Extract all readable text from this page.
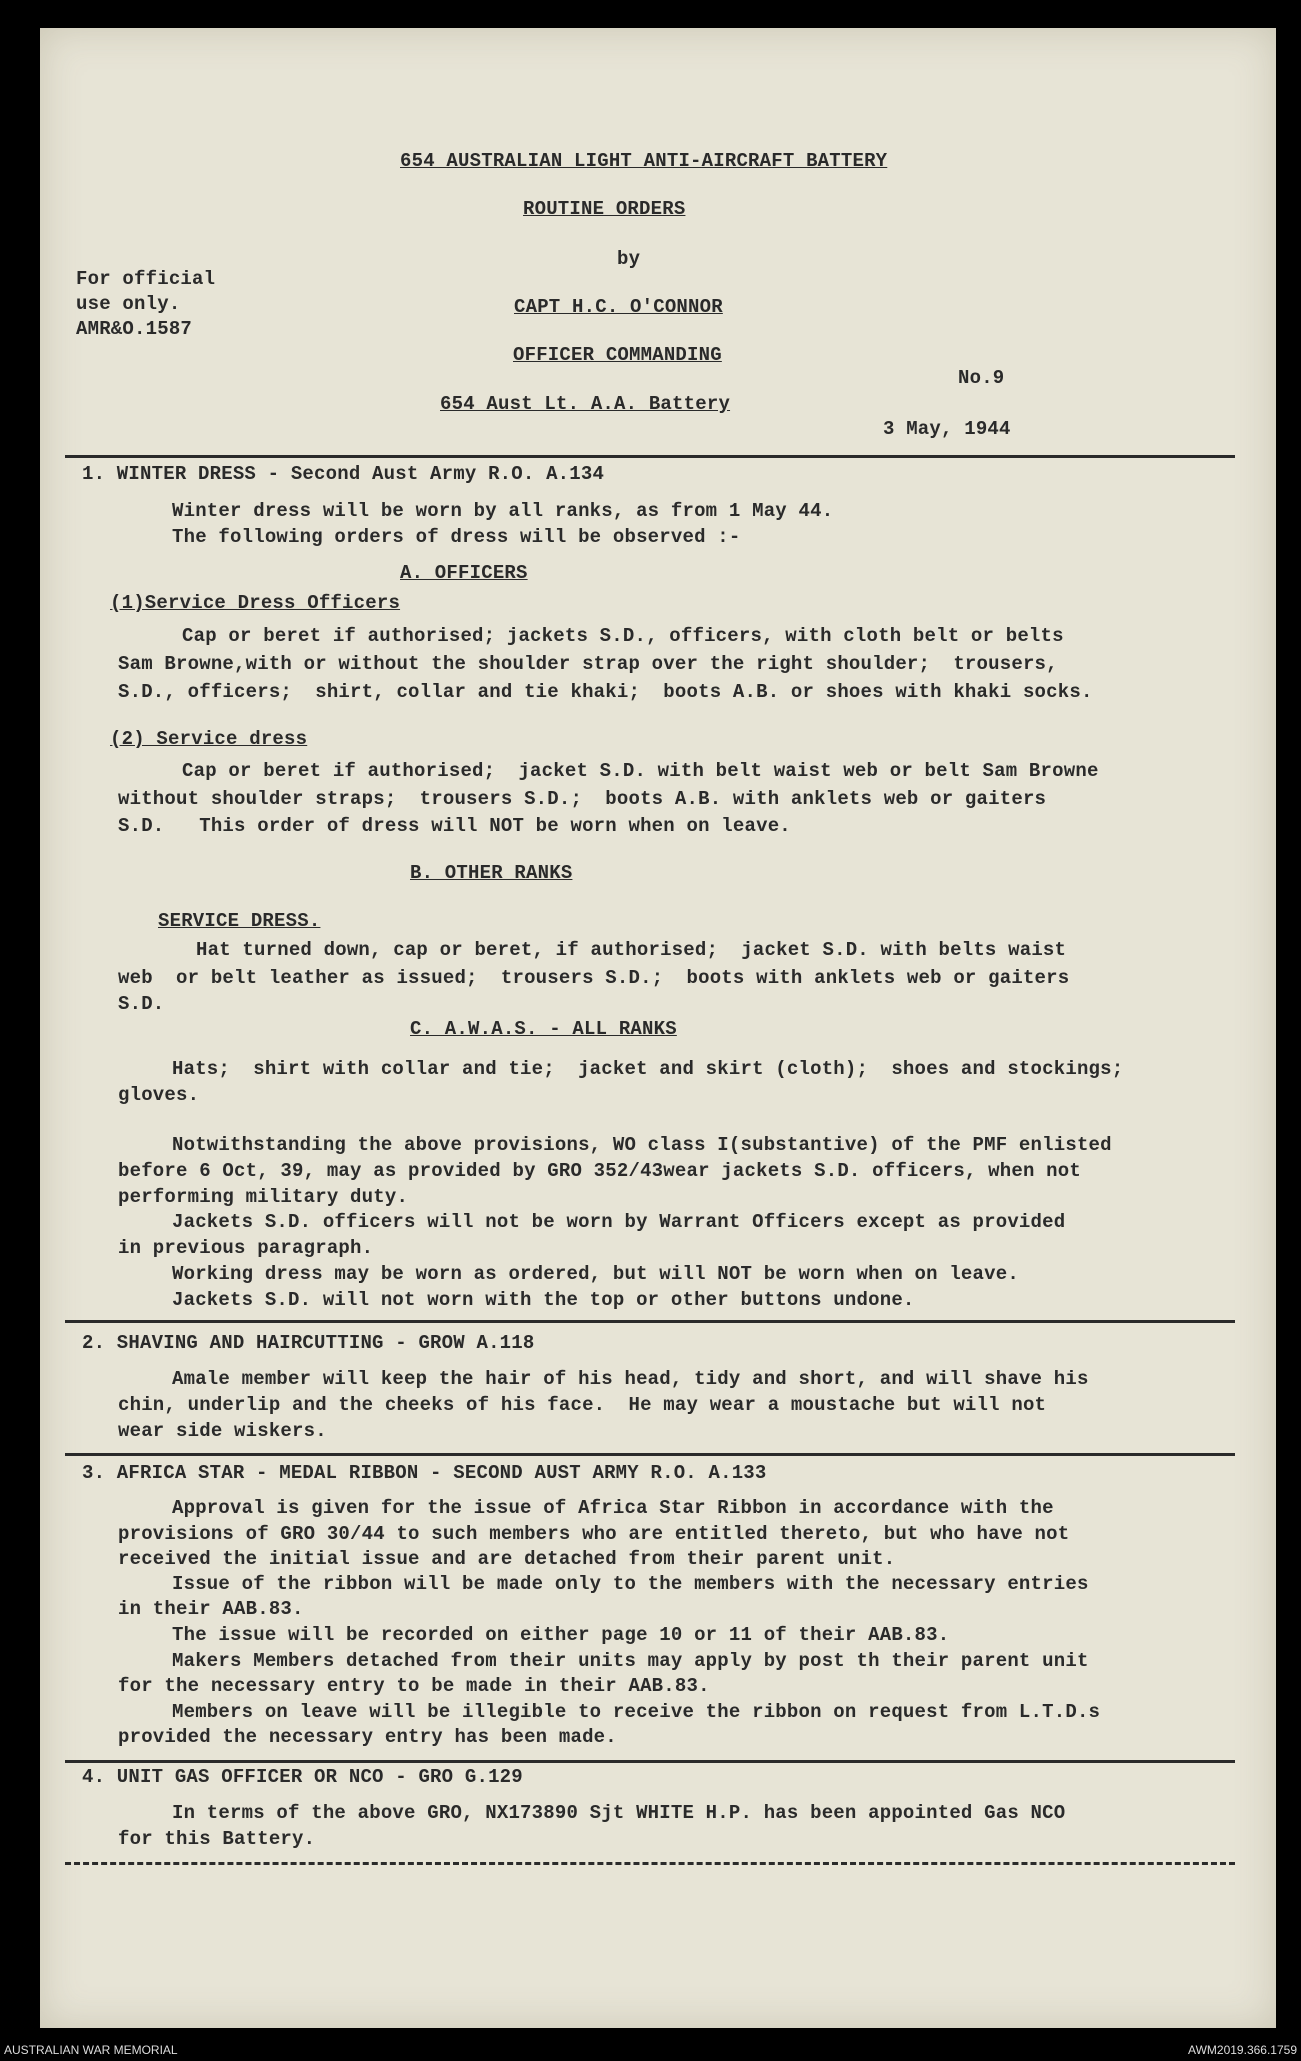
654 AUSTRALIAN LIGHT ANTI-AIRCRAFT BATTERY
ROUTINE ORDERS
by
CAPT H.C. O'CONNOR
OFFICER COMMANDING
654 Aust Lt. A.A. Battery
No.9
3 May, 1944
For official
use only.
AMR&O.1587
1. WINTER DRESS - Second Aust Army R.O. A.134
Winter dress will be worn by all ranks, as from 1 May 44.
The following orders of dress will be observed :-
A. OFFICERS
(1)Service Dress Officers
Cap or beret if authorised; jackets S.D., officers, with cloth belt or belts
Sam Browne,with or without the shoulder strap over the right shoulder;  trousers,
S.D., officers;  shirt, collar and tie khaki;  boots A.B. or shoes with khaki socks.
(2) Service dress
Cap or beret if authorised;  jacket S.D. with belt waist web or belt Sam Browne
without shoulder straps;  trousers S.D.;  boots A.B. with anklets web or gaiters
S.D.   This order of dress will NOT be worn when on leave.
B. OTHER RANKS
SERVICE DRESS.
Hat turned down, cap or beret, if authorised;  jacket S.D. with belts waist
web  or belt leather as issued;  trousers S.D.;  boots with anklets web or gaiters
S.D.
C. A.W.A.S. - ALL RANKS
Hats;  shirt with collar and tie;  jacket and skirt (cloth);  shoes and stockings;
gloves.
Notwithstanding the above provisions, WO class I(substantive) of the PMF enlisted
before 6 Oct, 39, may as provided by GRO 352/43wear jackets S.D. officers, when not
performing military duty.
Jackets S.D. officers will not be worn by Warrant Officers except as provided
in previous paragraph.
Working dress may be worn as ordered, but will NOT be worn when on leave.
Jackets S.D. will not worn with the top or other buttons undone.
2. SHAVING AND HAIRCUTTING - GROW A.118
Amale member will keep the hair of his head, tidy and short, and will shave his
chin, underlip and the cheeks of his face.  He may wear a moustache but will not
wear side wiskers.
3. AFRICA STAR - MEDAL RIBBON - SECOND AUST ARMY R.O. A.133
Approval is given for the issue of Africa Star Ribbon in accordance with the
provisions of GRO 30/44 to such members who are entitled thereto, but who have not
received the initial issue and are detached from their parent unit.
Issue of the ribbon will be made only to the members with the necessary entries
in their AAB.83.
The issue will be recorded on either page 10 or 11 of their AAB.83.
Makers Members detached from their units may apply by post th their parent unit
for the necessary entry to be made in their AAB.83.
Members on leave will be illegible to receive the ribbon on request from L.T.D.s
provided the necessary entry has been made.
4. UNIT GAS OFFICER OR NCO - GRO G.129
In terms of the above GRO, NX173890 Sjt WHITE H.P. has been appointed Gas NCO
for this Battery.
AUSTRALIAN WAR MEMORIAL	AWM2019.366.1759
